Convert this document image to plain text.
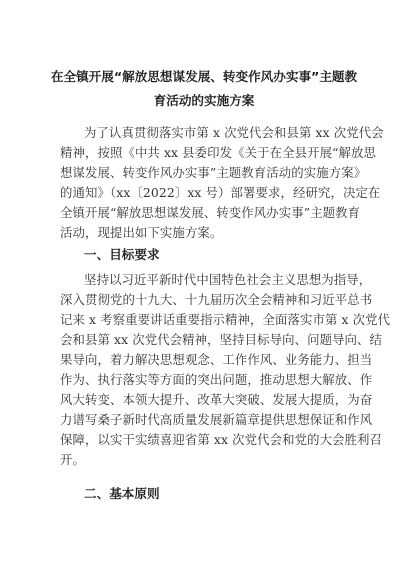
在全镇开展“解放思想谋发展、转变作风办实事”主题教
育活动的实施方案
为了认真贯彻落实市第 x 次党代会和县第 xx 次党代会
精神，按照《中共 xx 县委印发《关于在全县开展“解放思
想谋发展、转变作风办实事”主题教育活动的实施方案》
的通知》（xx〔2022〕xx 号）部署要求，经研究，决定在
全镇开展“解放思想谋发展、转变作风办实事”主题教育
活动，现提出如下实施方案。
一、目标要求
坚持以习近平新时代中国特色社会主义思想为指导，
深入贯彻党的十九大、十九届历次全会精神和习近平总书
记来 x 考察重要讲话重要指示精神，全面落实市第 x 次党代
会和县第 xx 次党代会精神，坚持目标导向、问题导向、结
果导向，着力解决思想观念、工作作风、业务能力、担当
作为、执行落实等方面的突出问题，推动思想大解放、作
风大转变、本领大提升、改革大突破、发展大提质，为奋
力谱写桑子新时代高质量发展新篇章提供思想保证和作风
保障，以实干实绩喜迎省第 xx 次党代会和党的大会胜利召
开。
二、基本原则
